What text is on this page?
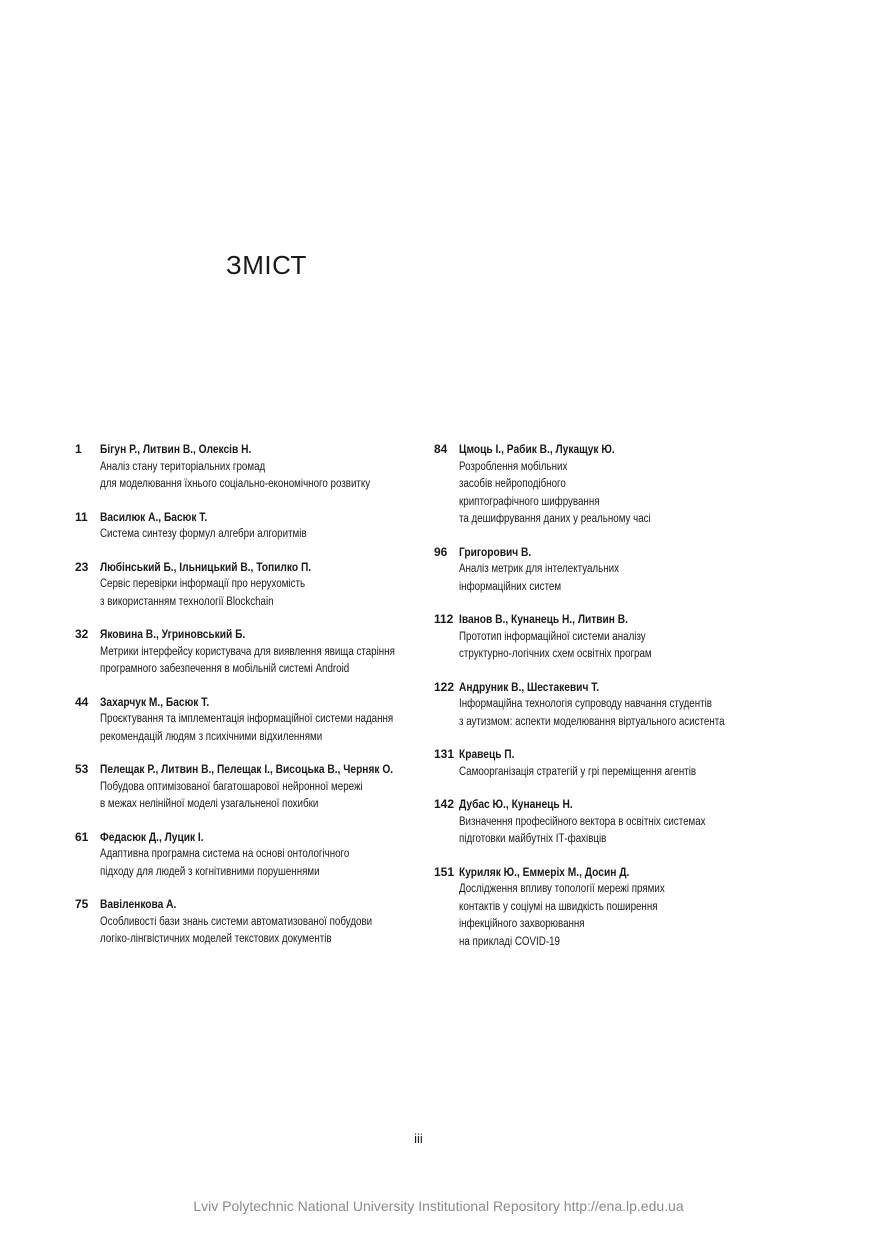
ЗМІСТ
1 Бігун Р., Литвин В., Олексів Н.
Аналіз стану територіальних громад
для моделювання їхнього соціально-економічного розвитку
11 Василюк А., Басюк Т.
Система синтезу формул алгебри алгоритмів
23 Любінський Б., Ільницький В., Топилко П.
Сервіс перевірки інформації про нерухомість
з використанням технології Blockchain
32 Яковина В., Угриновський Б.
Метрики інтерфейсу користувача для виявлення явища старіння
програмного забезпечення в мобільній системі Android
44 Захарчук М., Басюк Т.
Проєктування та імплементація інформаційної системи надання
рекомендацій людям з психічними відхиленнями
53 Пелещак Р., Литвин В., Пелещак І., Висоцька В., Черняк О.
Побудова оптимізованої багатошарової нейронної мережі
в межах нелінійної моделі узагальненої похибки
61 Федасюк Д., Луцик І.
Адаптивна програмна система на основі онтологічного
підходу для людей з когнітивними порушеннями
75 Вавіленкова А.
Особливості бази знань системи автоматизованої побудови
логіко-лінгвістичних моделей текстових документів
84 Цмоць І., Рабик В., Лукащук Ю.
Розроблення мобільних
засобів нейроподібного
криптографічного шифрування
та дешифрування даних у реальному часі
96 Григорович В.
Аналіз метрик для інтелектуальних
інформаційних систем
112 Іванов В., Кунанець Н., Литвин В.
Прототип інформаційної системи аналізу
структурно-логічних схем освітніх програм
122 Андруник В., Шестакевич Т.
Інформаційна технологія супроводу навчання студентів
з аутизмом: аспекти моделювання віртуального асистента
131 Кравець П.
Самоорганізація стратегій у грі переміщення агентів
142 Дубас Ю., Кунанець Н.
Визначення професійного вектора в освітніх системах
підготовки майбутніх ІТ-фахівців
151 Куриляк Ю., Еммеріх М., Досин Д.
Дослідження впливу топології мережі прямих
контактів у соціумі на швидкість поширення
інфекційного захворювання
на прикладі COVID-19
iii
Lviv Polytechnic National University Institutional Repository http://ena.lp.edu.ua
